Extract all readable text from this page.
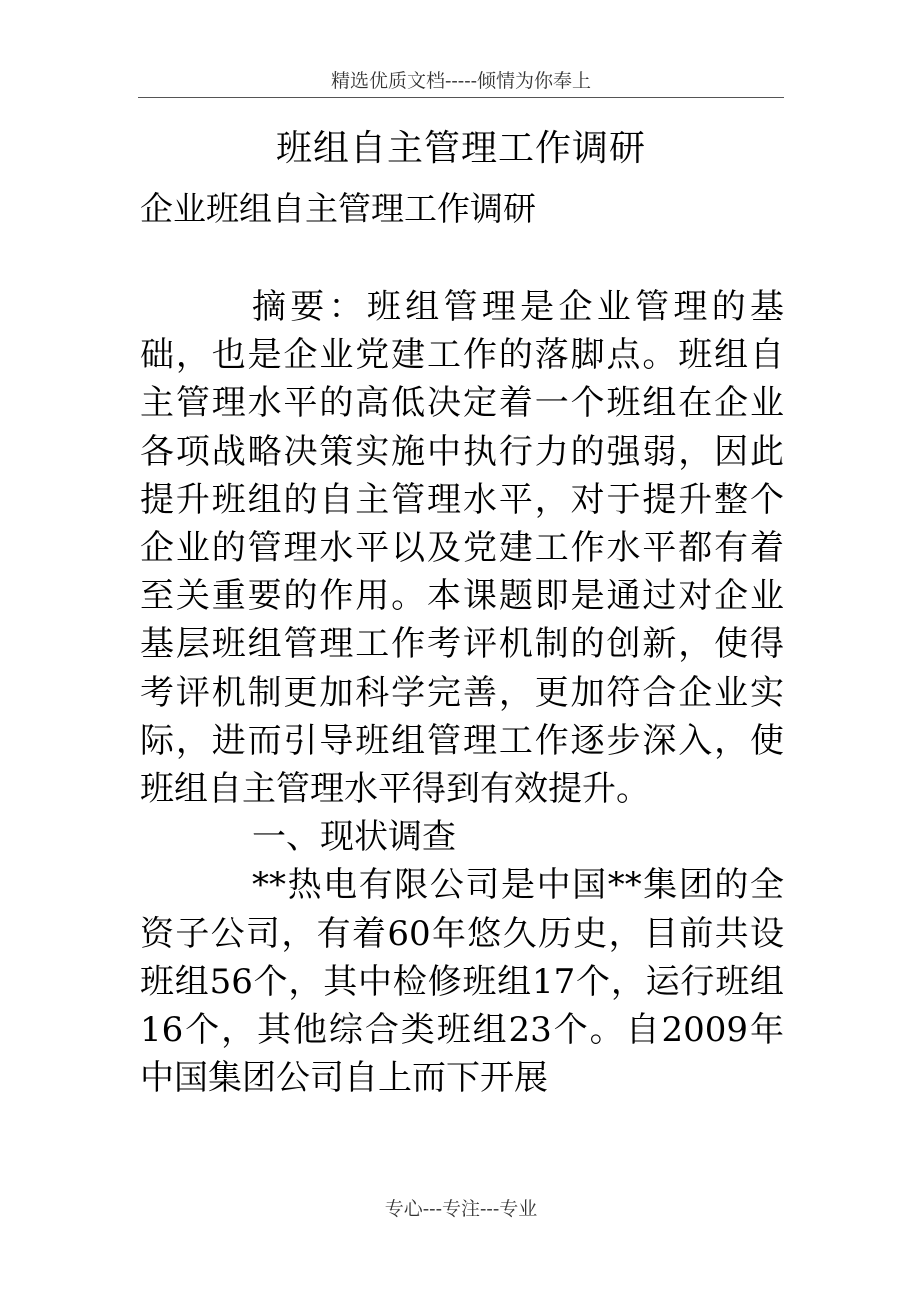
精选优质文档-----倾情为你奉上
班组自主管理工作调研
企业班组自主管理工作调研

摘要：班组管理是企业管理的基础，也是企业党建工作的落脚点。班组自主管理水平的高低决定着一个班组在企业各项战略决策实施中执行力的强弱，因此提升班组的自主管理水平，对于提升整个企业的管理水平以及党建工作水平都有着至关重要的作用。本课题即是通过对企业基层班组管理工作考评机制的创新，使得考评机制更加科学完善，更加符合企业实际，进而引导班组管理工作逐步深入，使班组自主管理水平得到有效提升。

一、现状调查

**热电有限公司是中国**集团的全资子公司，有着60年悠久历史，目前共设班组56个，其中检修班组17个，运行班组16个，其他综合类班组23个。自2009年中国集团公司自上而下开展

专心---专注---专业
